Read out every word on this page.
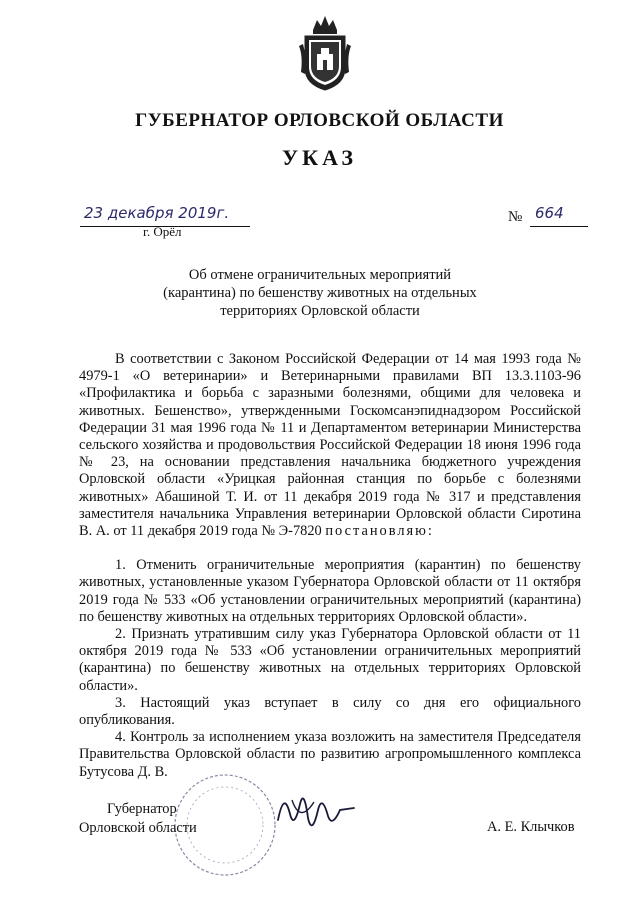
ГУБЕРНАТОР ОРЛОВСКОЙ ОБЛАСТИ
УКАЗ
23 декабря 2019г.
г. Орёл
№ 664
Об отмене ограничительных мероприятий
(карантина) по бешенству животных на отдельных
территориях Орловской области

В соответствии с Законом Российской Федерации от 14 мая 1993 года № 4979-1 «О ветеринарии» и Ветеринарными правилами ВП 13.3.1103-96 «Профилактика и борьба с заразными болезнями, общими для человека и животных. Бешенство», утвержденными Госкомсанэпиднадзором Российской Федерации 31 мая 1996 года № 11 и Департаментом ветеринарии Министерства сельского хозяйства и продовольствия Российской Федерации 18 июня 1996 года № 23, на основании представления начальника бюджетного учреждения Орловской области «Урицкая районная станция по борьбе с болезнями животных» Абашиной Т. И. от 11 декабря 2019 года № 317 и представления заместителя начальника Управления ветеринарии Орловской области Сиротина В. А. от 11 декабря 2019 года № Э-7820 постановляю:

1. Отменить ограничительные мероприятия (карантин) по бешенству животных, установленные указом Губернатора Орловской области от 11 октября 2019 года № 533 «Об установлении ограничительных мероприятий (карантина) по бешенству животных на отдельных территориях Орловской области».

2. Признать утратившим силу указ Губернатора Орловской области от 11 октября 2019 года № 533 «Об установлении ограничительных мероприятий (карантина) по бешенству животных на отдельных территориях Орловской области».

3. Настоящий указ вступает в силу со дня его официального опубликования.

4. Контроль за исполнением указа возложить на заместителя Председателя Правительства Орловской области по развитию агропромышленного комплекса Бутусова Д. В.

Губернатор
Орловской области	А. Е. Клычков
